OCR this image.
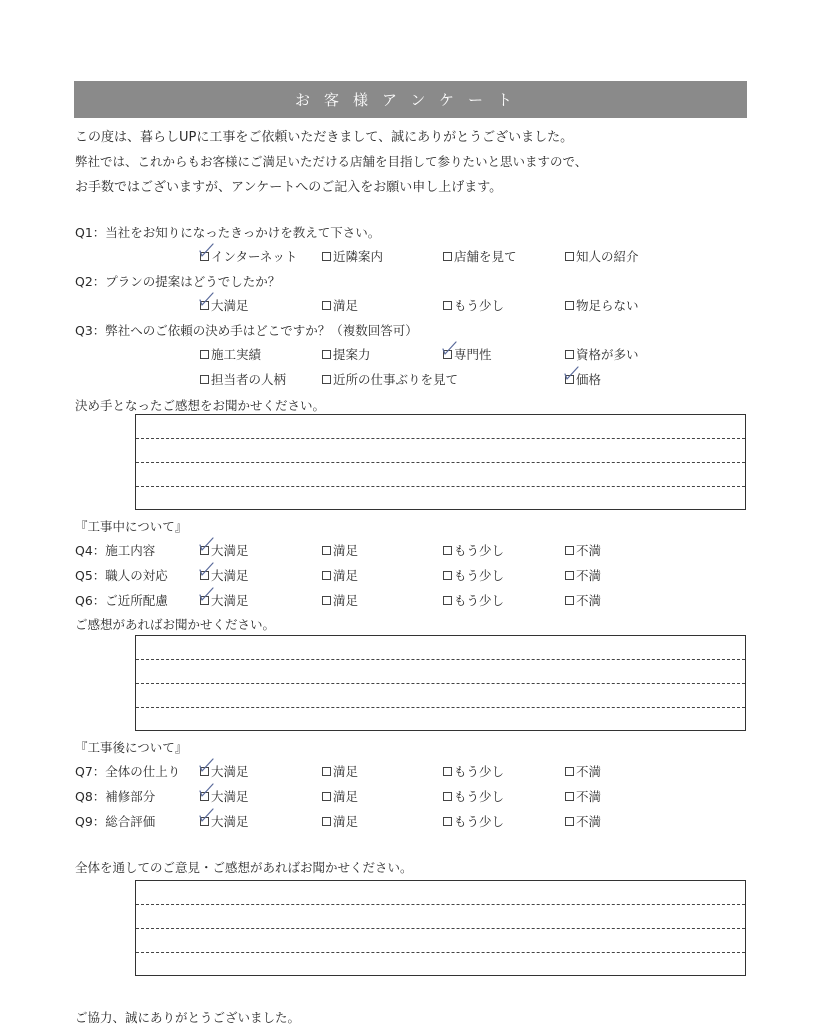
お客様アンケート
この度は、暮らしUPに工事をご依頼いただきまして、誠にありがとうございました。
弊社では、これからもお客様にご満足いただける店舗を目指して参りたいと思いますので、
お手数ではございますが、アンケートへのご記入をお願い申し上げます。
Q1：当社をお知りになったきっかけを教えて下さい。
インターネット	近隣案内	店舗を見て	知人の紹介
Q2：プランの提案はどうでしたか？
大満足	満足	もう少し	物足らない
Q3：弊社へのご依頼の決め手はどこですか？（複数回答可）
施工実績	提案力	専門性	資格が多い
担当者の人柄	近所の仕事ぶりを見て	価格
決め手となったご感想をお聞かせください。
『工事中について』
Q4：施工内容	大満足	満足	もう少し	不満
Q5：職人の対応	大満足	満足	もう少し	不満
Q6：ご近所配慮	大満足	満足	もう少し	不満
ご感想があればお聞かせください。
『工事後について』
Q7：全体の仕上り 大満足	満足	もう少し	不満
Q8：補修部分	大満足	満足	もう少し	不満
Q9：総合評価	大満足	満足	もう少し	不満
全体を通してのご意見・ご感想があればお聞かせください。
ご協力、誠にありがとうございました。
